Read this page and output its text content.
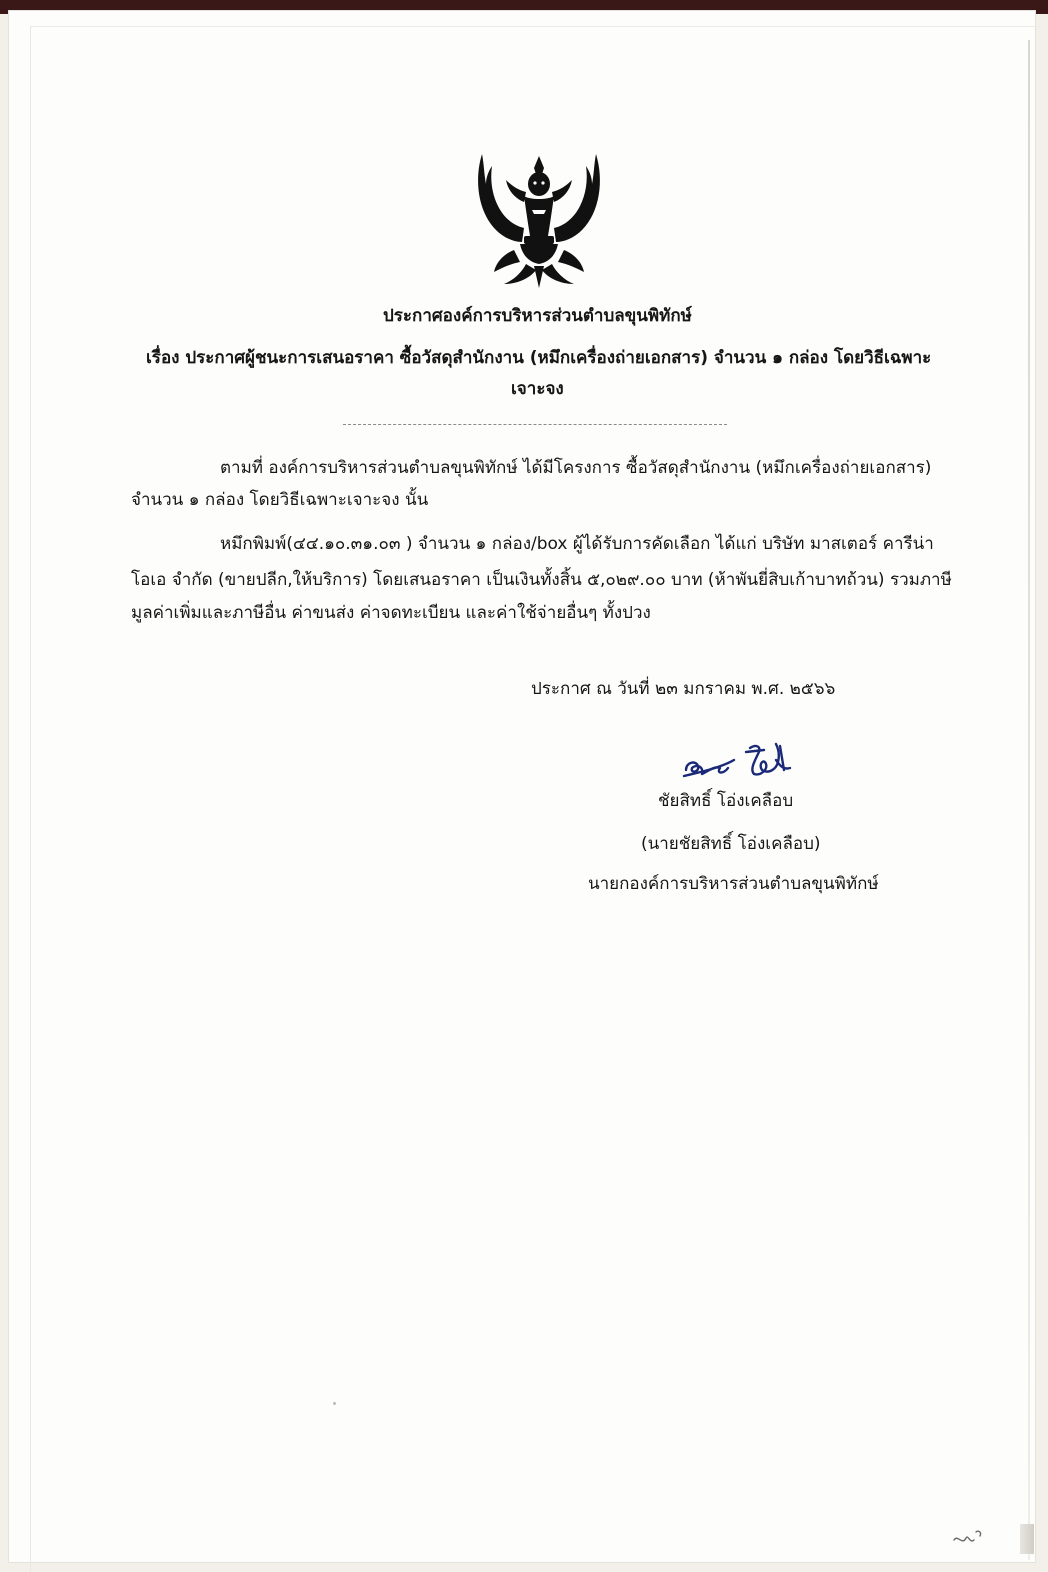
ประกาศองค์การบริหารส่วนตำบลขุนพิทักษ์
เรื่อง ประกาศผู้ชนะการเสนอราคา ซื้อวัสดุสำนักงาน (หมึกเครื่องถ่ายเอกสาร) จำนวน ๑ กล่อง โดยวิธีเฉพาะ
เจาะจง
ตามที่ องค์การบริหารส่วนตำบลขุนพิทักษ์ ได้มีโครงการ ซื้อวัสดุสำนักงาน (หมึกเครื่องถ่ายเอกสาร)
จำนวน ๑ กล่อง โดยวิธีเฉพาะเจาะจง นั้น
หมึกพิมพ์(๔๔.๑๐.๓๑.๐๓ ) จำนวน ๑ กล่อง/box ผู้ได้รับการคัดเลือก ได้แก่ บริษัท มาสเตอร์ คารีน่า
โอเอ จำกัด (ขายปลีก,ให้บริการ) โดยเสนอราคา เป็นเงินทั้งสิ้น ๕,๐๒๙.๐๐ บาท (ห้าพันยี่สิบเก้าบาทถ้วน) รวมภาษี
มูลค่าเพิ่มและภาษีอื่น ค่าขนส่ง ค่าจดทะเบียน และค่าใช้จ่ายอื่นๆ ทั้งปวง
ประกาศ ณ วันที่ ๒๓ มกราคม พ.ศ. ๒๕๖๖
ชัยสิทธิ์ โอ่งเคลือบ
(นายชัยสิทธิ์ โอ่งเคลือบ)
นายกองค์การบริหารส่วนตำบลขุนพิทักษ์
